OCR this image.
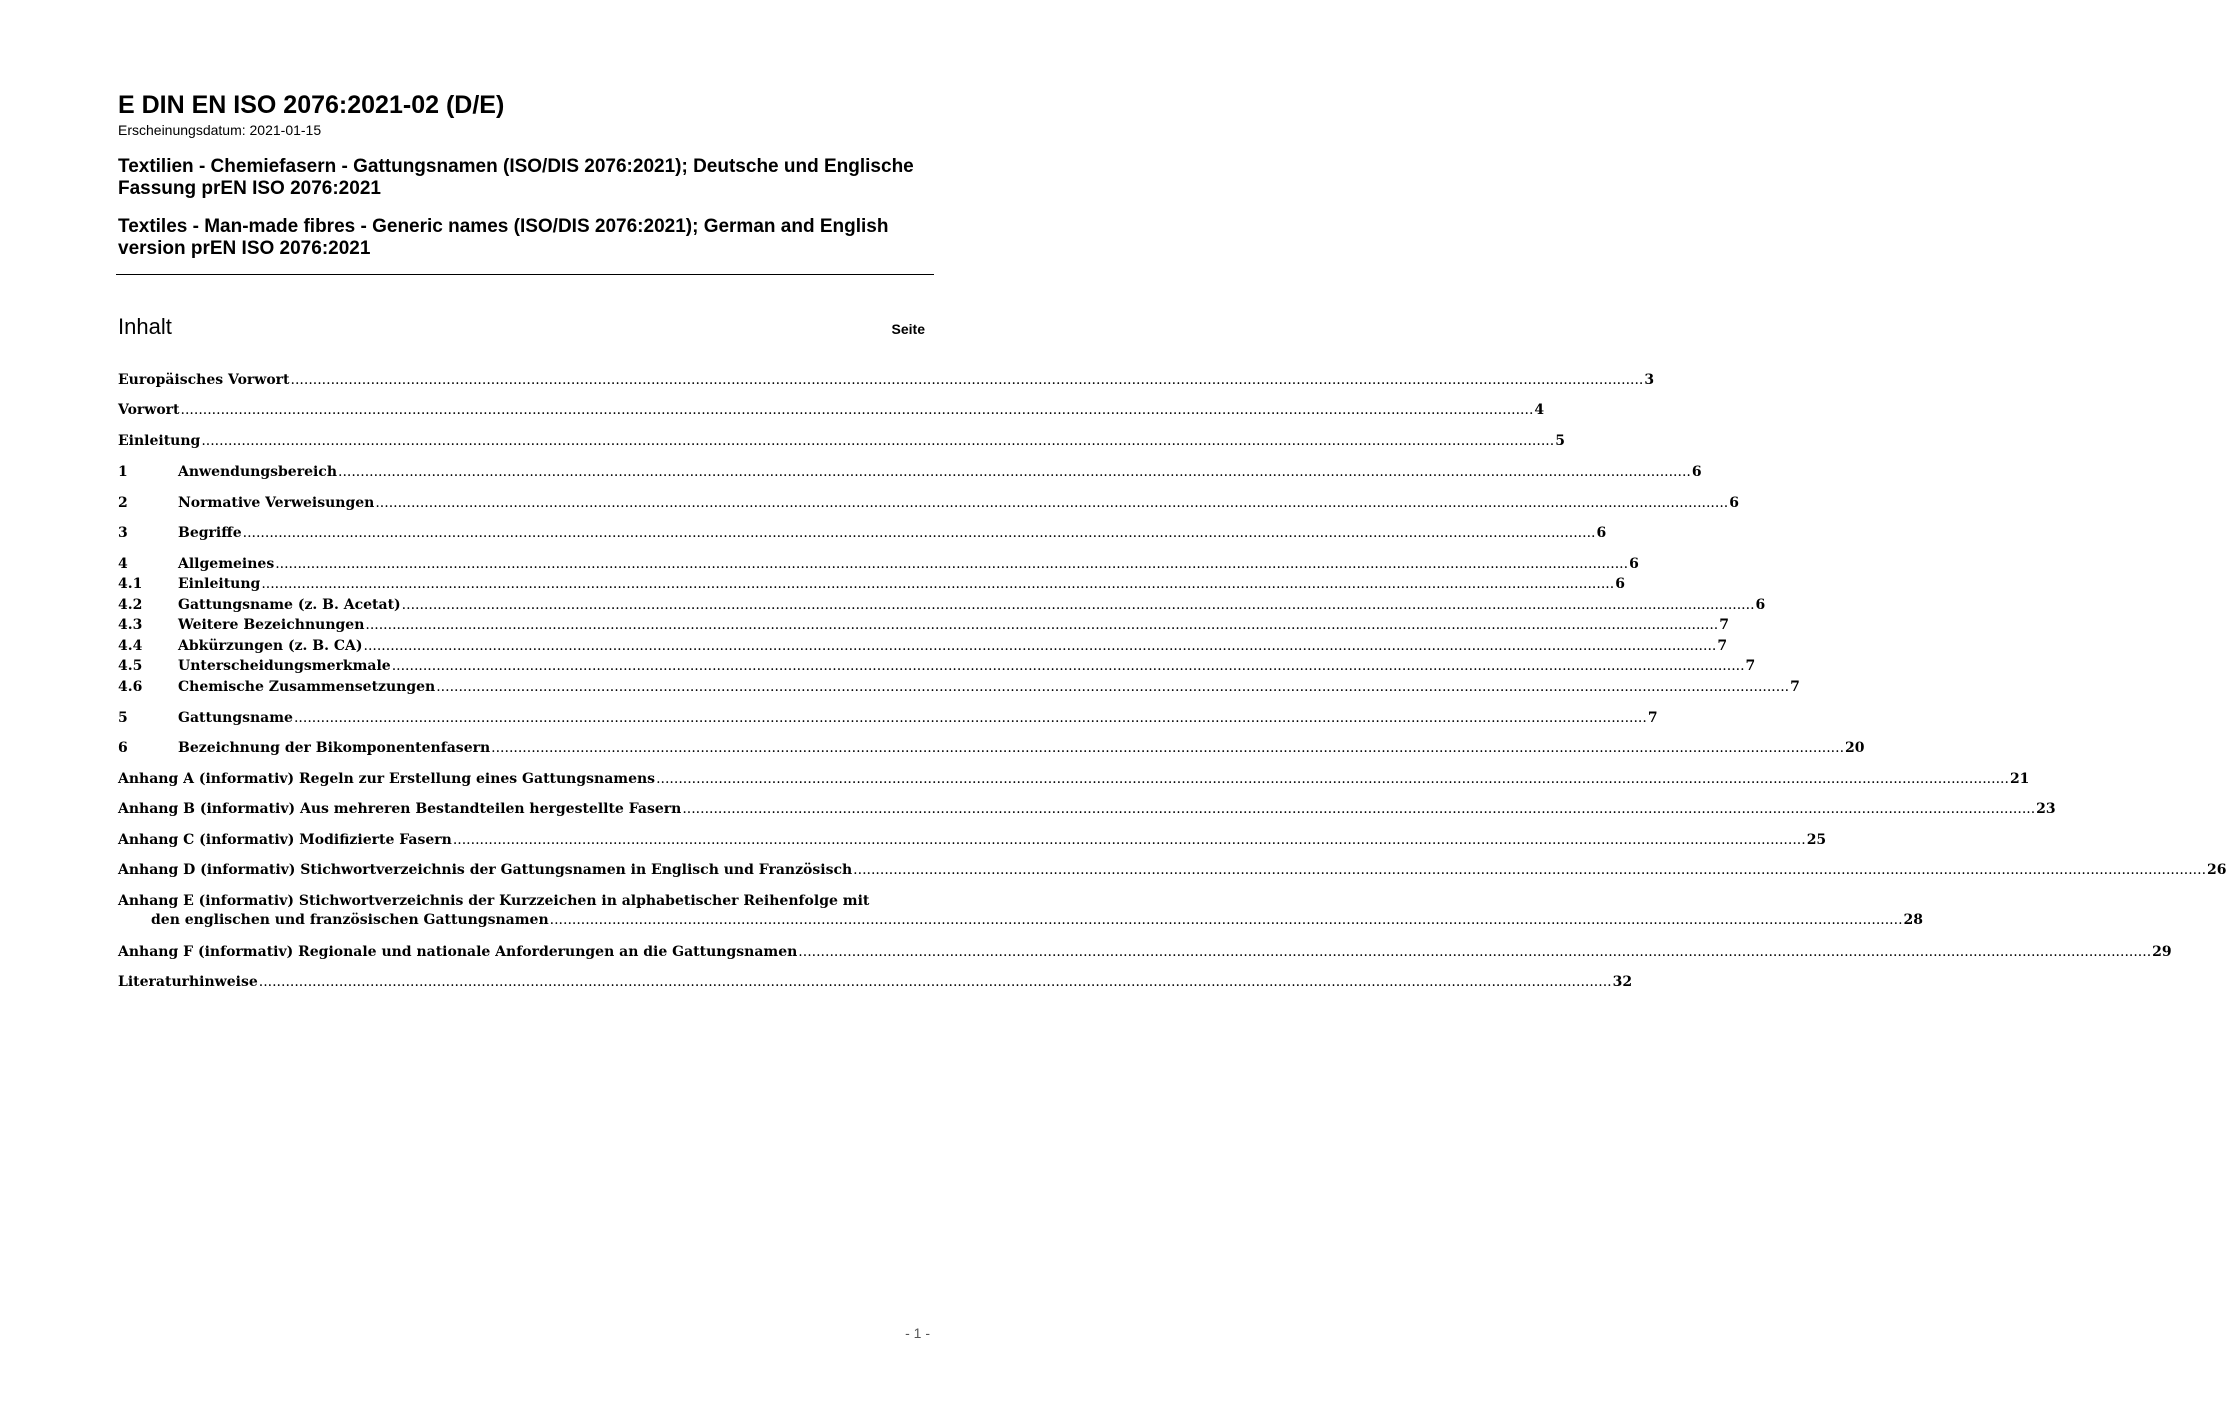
E DIN EN ISO 2076:2021-02 (D/E)

Erscheinungsdatum: 2021-01-15

Textilien - Chemiefasern - Gattungsnamen (ISO/DIS 2076:2021); Deutsche und Englische Fassung prEN ISO 2076:2021

Textiles - Man-made fibres - Generic names (ISO/DIS 2076:2021); German and English version prEN ISO 2076:2021

Inhalt	Seite
Europäisches Vorwort .....	3
Vorwort .....	4
Einleitung .....	5
1	Anwendungsbereich .....	6
2	Normative Verweisungen .....	6
3	Begriffe .....	6
4	Allgemeines .....	6
4.1	Einleitung .....	6
4.2	Gattungsname (z. B. Acetat) .....	6
4.3	Weitere Bezeichnungen .....	7
4.4	Abkürzungen (z. B. CA) .....	7
4.5	Unterscheidungsmerkmale .....	7
4.6	Chemische Zusammensetzungen .....	7
5	Gattungsname .....	7
6	Bezeichnung der Bikomponentenfasern .....	20
Anhang A (informativ) Regeln zur Erstellung eines Gattungsnamens .....	21
Anhang B (informativ) Aus mehreren Bestandteilen hergestellte Fasern .....	23
Anhang C (informativ) Modifizierte Fasern .....	25
Anhang D (informativ) Stichwortverzeichnis der Gattungsnamen in Englisch und Französisch .....	26
Anhang E (informativ) Stichwortverzeichnis der Kurzzeichen in alphabetischer Reihenfolge mit
den englischen und französischen Gattungsnamen .....	28
Anhang F (informativ) Regionale und nationale Anforderungen an die Gattungsnamen .....	29
Literaturhinweise .....	32
- 1 -
